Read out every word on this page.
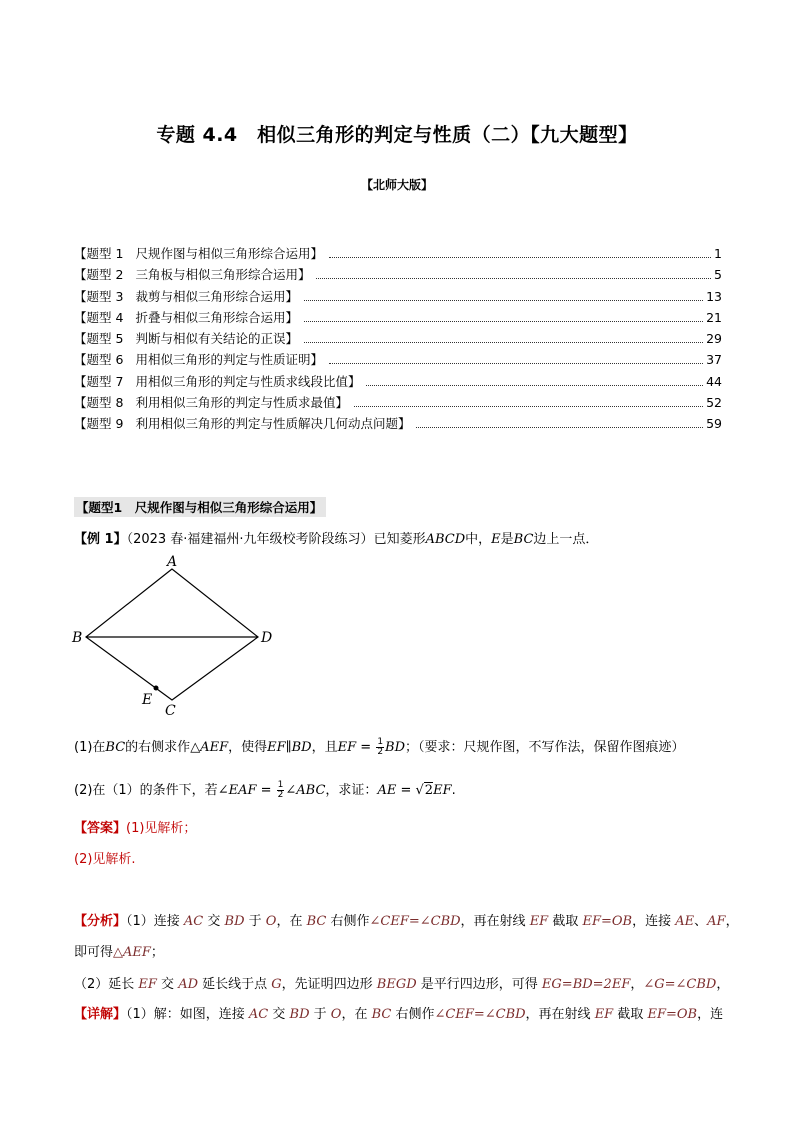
专题 4.4　相似三角形的判定与性质（二）【九大题型】
【北师大版】
【题型 1 尺规作图与相似三角形综合运用】	1
【题型 2 三角板与相似三角形综合运用】	5
【题型 3 裁剪与相似三角形综合运用】	13
【题型 4 折叠与相似三角形综合运用】	21
【题型 5 判断与相似有关结论的正误】	29
【题型 6 用相似三角形的判定与性质证明】	37
【题型 7 用相似三角形的判定与性质求线段比值】	44
【题型 8 利用相似三角形的判定与性质求最值】	52
【题型 9 利用相似三角形的判定与性质解决几何动点问题】	59
【题型1　尺规作图与相似三角形综合运用】
【例 1】（2023 春·福建福州·九年级校考阶段练习）已知菱形ABCD中，E是BC边上一点．
A
B	D
E
C
(1)在BC的右侧求作△AEF，使得EF∥BD，且EF = $\frac{1}{2}$ BD；（要求：尺规作图，不写作法，保留作图痕迹）
(2)在（1）的条件下，若∠EAF = $\frac{1}{2}$ ∠ABC，求证：AE = √2EF.
【答案】(1)见解析；
(2)见解析.
【分析】（1）连接 AC 交 BD 于 O，在 BC 右侧作∠CEF=∠CBD，再在射线 EF 截取 EF=OB，连接 AE、AF，
即可得△AEF；
（2）延长 EF 交 AD 延长线于点 G，先证明四边形 BEGD 是平行四边形，可得 EG=BD=2EF，∠G=∠CBD，
【详解】（1）解：如图，连接 AC 交 BD 于 O，在 BC 右侧作∠CEF=∠CBD，再在射线 EF 截取 EF=OB，连
